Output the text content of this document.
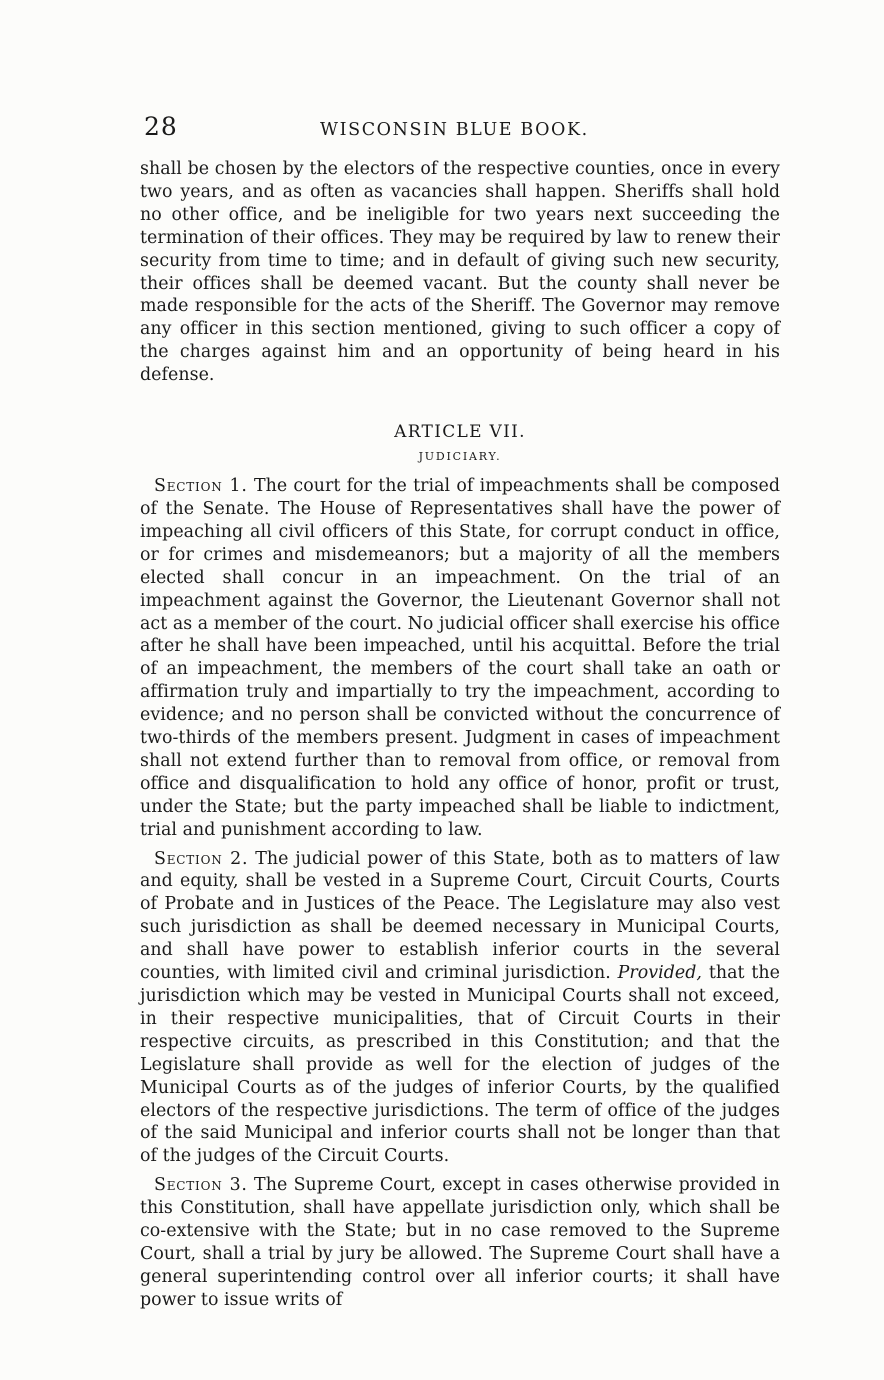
28	WISCONSIN BLUE BOOK.

shall be chosen by the electors of the respective counties, once in every two years, and as often as vacancies shall happen. Sheriffs shall hold no other office, and be ineligible for two years next succeeding the termination of their offices. They may be required by law to renew their security from time to time; and in default of giving such new security, their offices shall be deemed vacant. But the county shall never be made responsible for the acts of the Sheriff. The Governor may remove any officer in this section mentioned, giving to such officer a copy of the charges against him and an opportunity of being heard in his defense.

ARTICLE VII.
JUDICIARY.

Section 1. The court for the trial of impeachments shall be composed of the Senate. The House of Representatives shall have the power of impeaching all civil officers of this State, for corrupt conduct in office, or for crimes and misdemeanors; but a majority of all the members elected shall concur in an impeachment. On the trial of an impeachment against the Governor, the Lieutenant Governor shall not act as a member of the court. No judicial officer shall exercise his office after he shall have been impeached, until his acquittal. Before the trial of an impeachment, the members of the court shall take an oath or affirmation truly and impartially to try the impeachment, according to evidence; and no person shall be convicted without the concurrence of two-thirds of the members present. Judgment in cases of impeachment shall not extend further than to removal from office, or removal from office and disqualification to hold any office of honor, profit or trust, under the State; but the party impeached shall be liable to indictment, trial and punishment according to law.

Section 2. The judicial power of this State, both as to matters of law and equity, shall be vested in a Supreme Court, Circuit Courts, Courts of Probate and in Justices of the Peace. The Legislature may also vest such jurisdiction as shall be deemed necessary in Municipal Courts, and shall have power to establish inferior courts in the several counties, with limited civil and criminal jurisdiction. Provided, that the jurisdiction which may be vested in Municipal Courts shall not exceed, in their respective municipalities, that of Circuit Courts in their respective circuits, as prescribed in this Constitution; and that the Legislature shall provide as well for the election of judges of the Municipal Courts as of the judges of inferior Courts, by the qualified electors of the respective jurisdictions. The term of office of the judges of the said Municipal and inferior courts shall not be longer than that of the judges of the Circuit Courts.

Section 3. The Supreme Court, except in cases otherwise provided in this Constitution, shall have appellate jurisdiction only, which shall be co-extensive with the State; but in no case removed to the Supreme Court, shall a trial by jury be allowed. The Supreme Court shall have a general superintending control over all inferior courts; it shall have power to issue writs of
